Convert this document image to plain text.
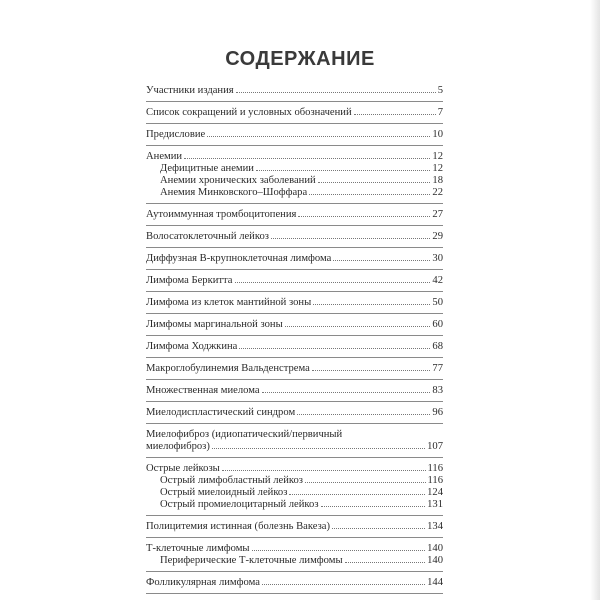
СОДЕРЖАНИЕ
Участники издания	5
Список сокращений и условных обозначений	7
Предисловие	10
Анемии	12
Дефицитные анемии	12
Анемии хронических заболеваний	18
Анемия Минковского–Шоффара	22
Аутоиммунная тромбоцитопения	27
Волосатоклеточный лейкоз	29
Диффузная В-крупноклеточная лимфома	30
Лимфома Беркитта	42
Лимфома из клеток мантийной зоны	50
Лимфомы маргинальной зоны	60
Лимфома Ходжкина	68
Макроглобулинемия Вальденстрема	77
Множественная миелома	83
Миелодиспластический синдром	96
Миелофиброз (идиопатический/первичный
миелофиброз)	107
Острые лейкозы	116
Острый лимфобластный лейкоз	116
Острый миелоидный лейкоз	124
Острый промиелоцитарный лейкоз	131
Полицитемия истинная (болезнь Вакеза)	134
Т-клеточные лимфомы	140
Периферические Т-клеточные лимфомы	140
Фолликулярная лимфома	144
